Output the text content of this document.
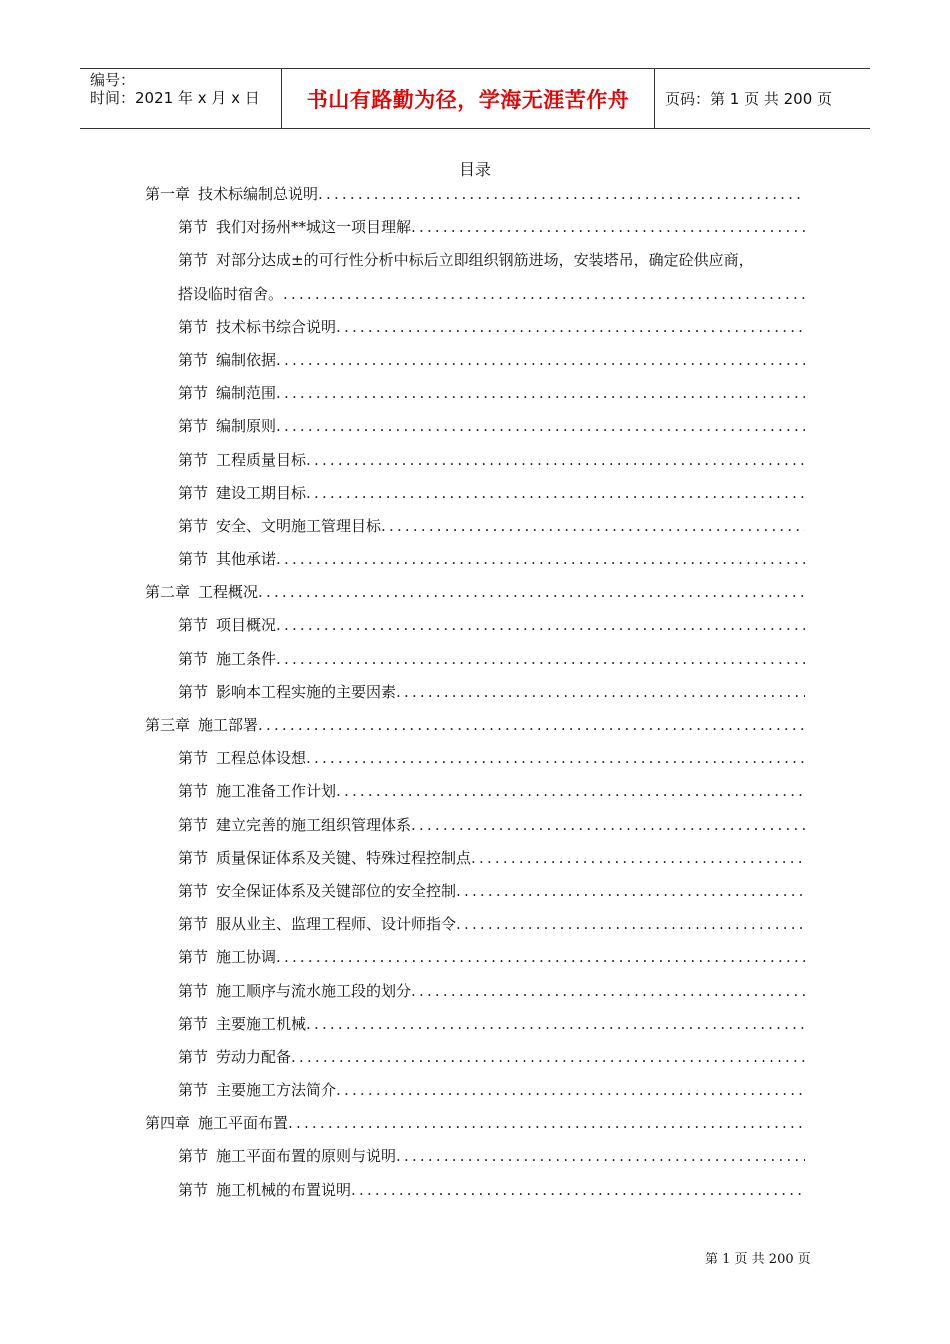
编号：
时间：2021 年 x 月 x 日	书山有路勤为径，学海无涯苦作舟 页码：第 1 页 共 200 页
目录
第一章 技术标编制总说明
.....
第节 我们对扬州**城这一项目理解
.....
第节 对部分达成±的可行性分析中标后立即组织钢筋进场，安装塔吊，确定砼供应商，
搭设临时宿舍。
.....
第节 技术标书综合说明
.....
第节 编制依据
.....
第节 编制范围
.....
第节 编制原则
.....
第节 工程质量目标
.....
第节 建设工期目标
.....
第节 安全、文明施工管理目标
.....
第节 其他承诺
.....
第二章 工程概况
.....
第节 项目概况
.....
第节 施工条件
.....
第节 影响本工程实施的主要因素
.....
第三章 施工部署
.....
第节 工程总体设想
.....
第节 施工准备工作计划
.....
第节 建立完善的施工组织管理体系
.....
第节 质量保证体系及关键、特殊过程控制点
.....
第节 安全保证体系及关键部位的安全控制
.....
第节 服从业主、监理工程师、设计师指令
.....
第节 施工协调
.....
第节 施工顺序与流水施工段的划分
.....
第节 主要施工机械
.....
第节 劳动力配备
.....
第节 主要施工方法简介
.....
第四章 施工平面布置
.....
第节 施工平面布置的原则与说明
.....
第节 施工机械的布置说明
.....
第 1 页 共 200 页
